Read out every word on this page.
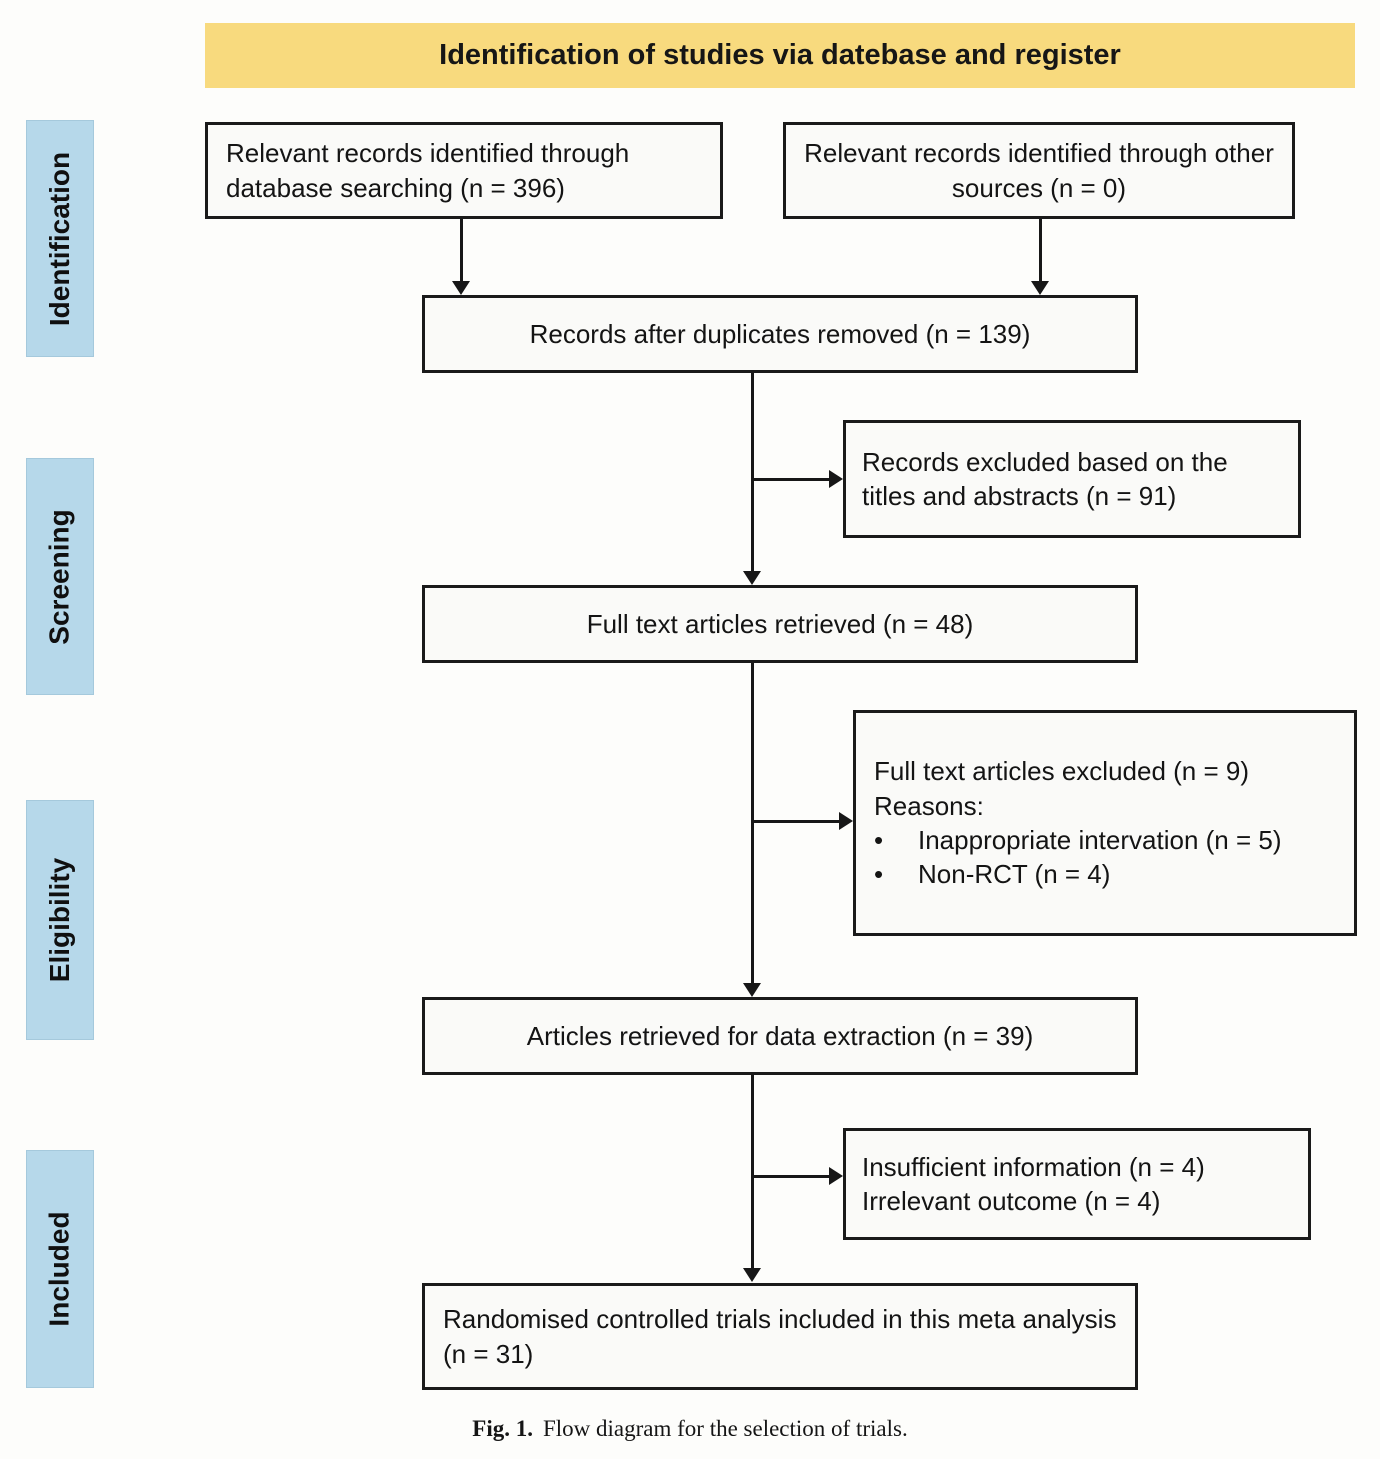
Identification of studies via datebase and register
Identification
Screening
Eligibility
Included
Relevant records identified through database searching (n = 396)
Relevant records identified through other sources (n = 0)
Records after duplicates removed (n = 139)
Records excluded based on the titles and abstracts (n = 91)
Full text articles retrieved (n = 48)
Full text articles excluded (n = 9)
Reasons:
•	Inappropriate intervation (n = 5)
•	Non-RCT (n = 4)
Articles retrieved for data extraction (n = 39)
Insufficient information (n = 4)
Irrelevant outcome (n = 4)
Randomised controlled trials included in this meta analysis (n = 31)
Fig. 1. Flow diagram for the selection of trials.
